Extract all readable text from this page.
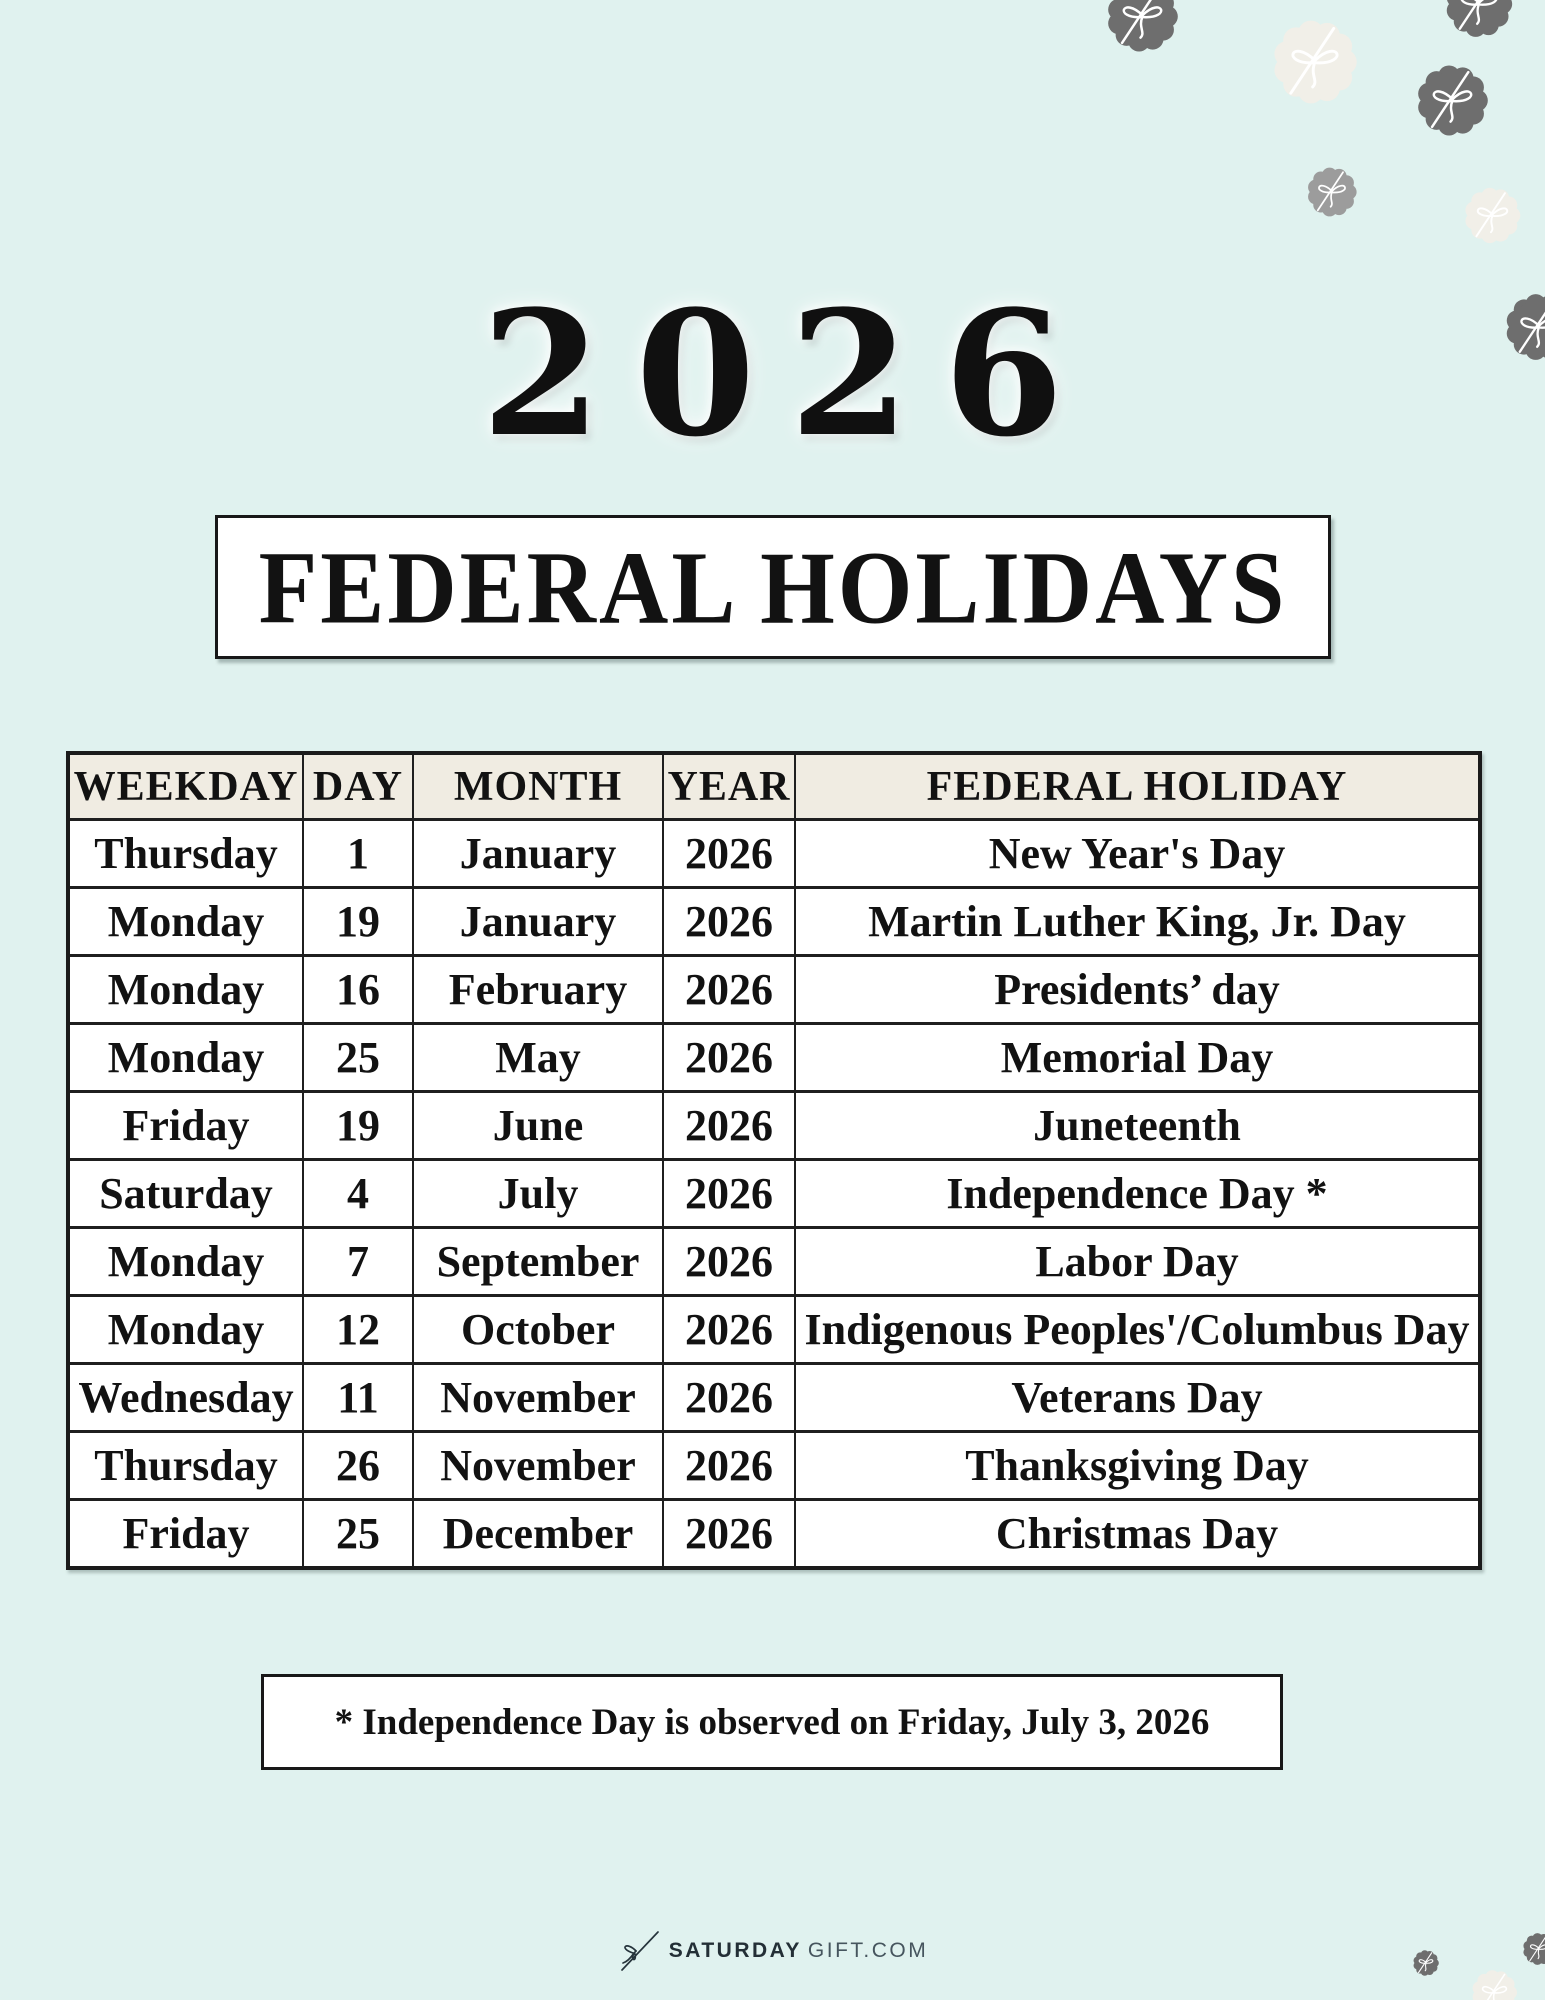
2026
FEDERAL HOLIDAYS
WEEKDAY	DAY	MONTH	YEAR	FEDERAL HOLIDAY
Thursday	1	January	2026	New Year's Day
Monday	19	January	2026	Martin Luther King, Jr. Day
Monday	16	February	2026	Presidents’ day
Monday	25	May	2026	Memorial Day
Friday	19	June	2026	Juneteenth
Saturday	4	July	2026	Independence Day *
Monday	7	September	2026	Labor Day
Monday	12	October	2026	Indigenous Peoples'/Columbus Day
Wednesday	11	November	2026	Veterans Day
Thursday	26	November	2026	Thanksgiving Day
Friday	25	December	2026	Christmas Day
* Independence Day is observed on Friday, July 3, 2026
SATURDAY GIFT.COM
